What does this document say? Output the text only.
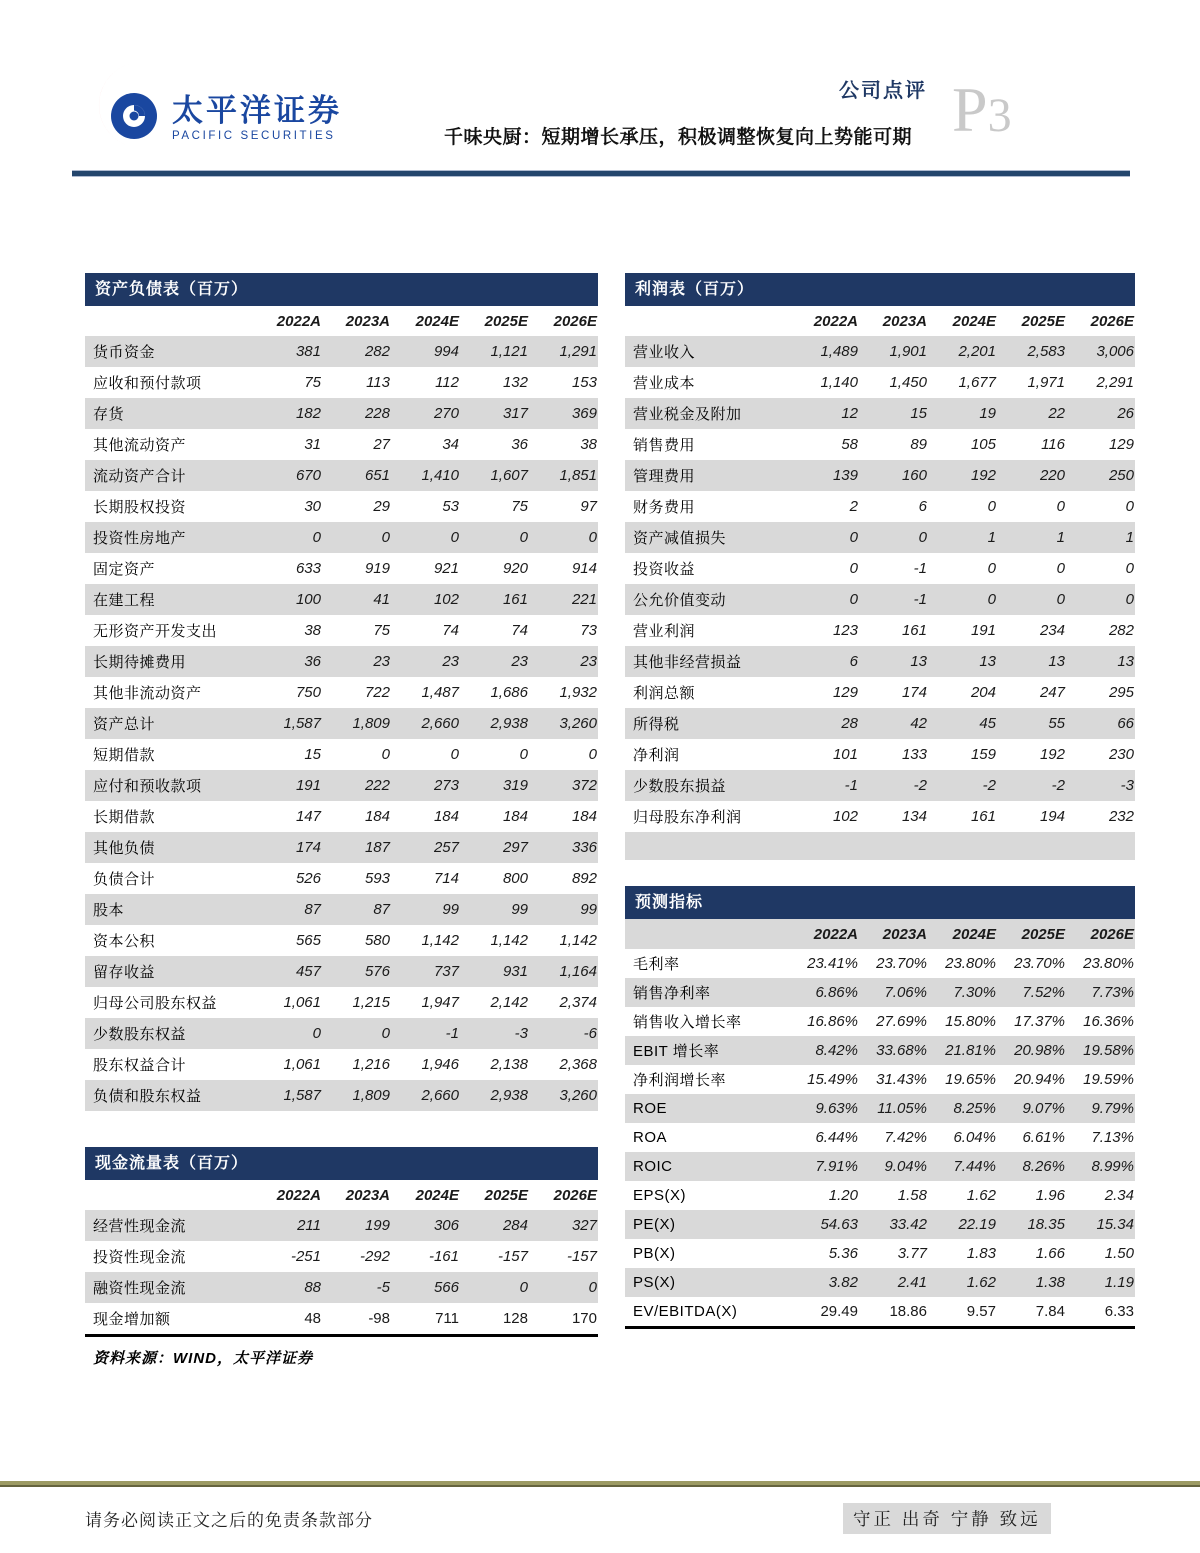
太平洋证券
PACIFIC SECURITIES
公司点评
千味央厨：短期增长承压，积极调整恢复向上势能可期 P3
资产负债表（百万）
2022A	2023A	2024E	2025E	2026E
货币资金	381	282	994	1,121	1,291
应收和预付款项	75	113	112	132	153
存货	182	228	270	317	369
其他流动资产	31	27	34	36	38
流动资产合计	670	651	1,410	1,607	1,851
长期股权投资	30	29	53	75	97
投资性房地产	0	0	0	0	0
固定资产	633	919	921	920	914
在建工程	100	41	102	161	221
无形资产开发支出	38	75	74	74	73
长期待摊费用	36	23	23	23	23
其他非流动资产	750	722	1,487	1,686	1,932
资产总计	1,587	1,809	2,660	2,938	3,260
短期借款	15	0	0	0	0
应付和预收款项	191	222	273	319	372
长期借款	147	184	184	184	184
其他负债	174	187	257	297	336
负债合计	526	593	714	800	892
股本	87	87	99	99	99
资本公积	565	580	1,142	1,142	1,142
留存收益	457	576	737	931	1,164
归母公司股东权益	1,061	1,215	1,947	2,142	2,374
少数股东权益	0	0	-1	-3	-6
股东权益合计	1,061	1,216	1,946	2,138	2,368
负债和股东权益	1,587	1,809	2,660	2,938	3,260
现金流量表（百万）
2022A	2023A	2024E	2025E	2026E
经营性现金流	211	199	306	284	327
投资性现金流	-251	-292	-161	-157	-157
融资性现金流	88	-5	566	0	0
现金增加额	48	-98	711	128	170
资料来源：WIND，太平洋证券
利润表（百万）
2022A	2023A	2024E	2025E	2026E
营业收入	1,489	1,901	2,201	2,583	3,006
营业成本	1,140	1,450	1,677	1,971	2,291
营业税金及附加	12	15	19	22	26
销售费用	58	89	105	116	129
管理费用	139	160	192	220	250
财务费用	2	6	0	0	0
资产减值损失	0	0	1	1	1
投资收益	0	-1	0	0	0
公允价值变动	0	-1	0	0	0
营业利润	123	161	191	234	282
其他非经营损益	6	13	13	13	13
利润总额	129	174	204	247	295
所得税	28	42	45	55	66
净利润	101	133	159	192	230
少数股东损益	-1	-2	-2	-2	-3
归母股东净利润	102	134	161	194	232
预测指标
2022A	2023A	2024E	2025E	2026E
毛利率	23.41%	23.70%	23.80%	23.70%	23.80%
销售净利率	6.86%	7.06%	7.30%	7.52%	7.73%
销售收入增长率	16.86%	27.69%	15.80%	17.37%	16.36%
EBIT 增长率	8.42%	33.68%	21.81%	20.98%	19.58%
净利润增长率	15.49%	31.43%	19.65%	20.94%	19.59%
ROE	9.63%	11.05%	8.25%	9.07%	9.79%
ROA	6.44%	7.42%	6.04%	6.61%	7.13%
ROIC	7.91%	9.04%	7.44%	8.26%	8.99%
EPS(X)	1.20	1.58	1.62	1.96	2.34
PE(X)	54.63	33.42	22.19	18.35	15.34
PB(X)	5.36	3.77	1.83	1.66	1.50
PS(X)	3.82	2.41	1.62	1.38	1.19
EV/EBITDA(X)	29.49	18.86	9.57	7.84	6.33
请务必阅读正文之后的免责条款部分	守正 出奇 宁静 致远
